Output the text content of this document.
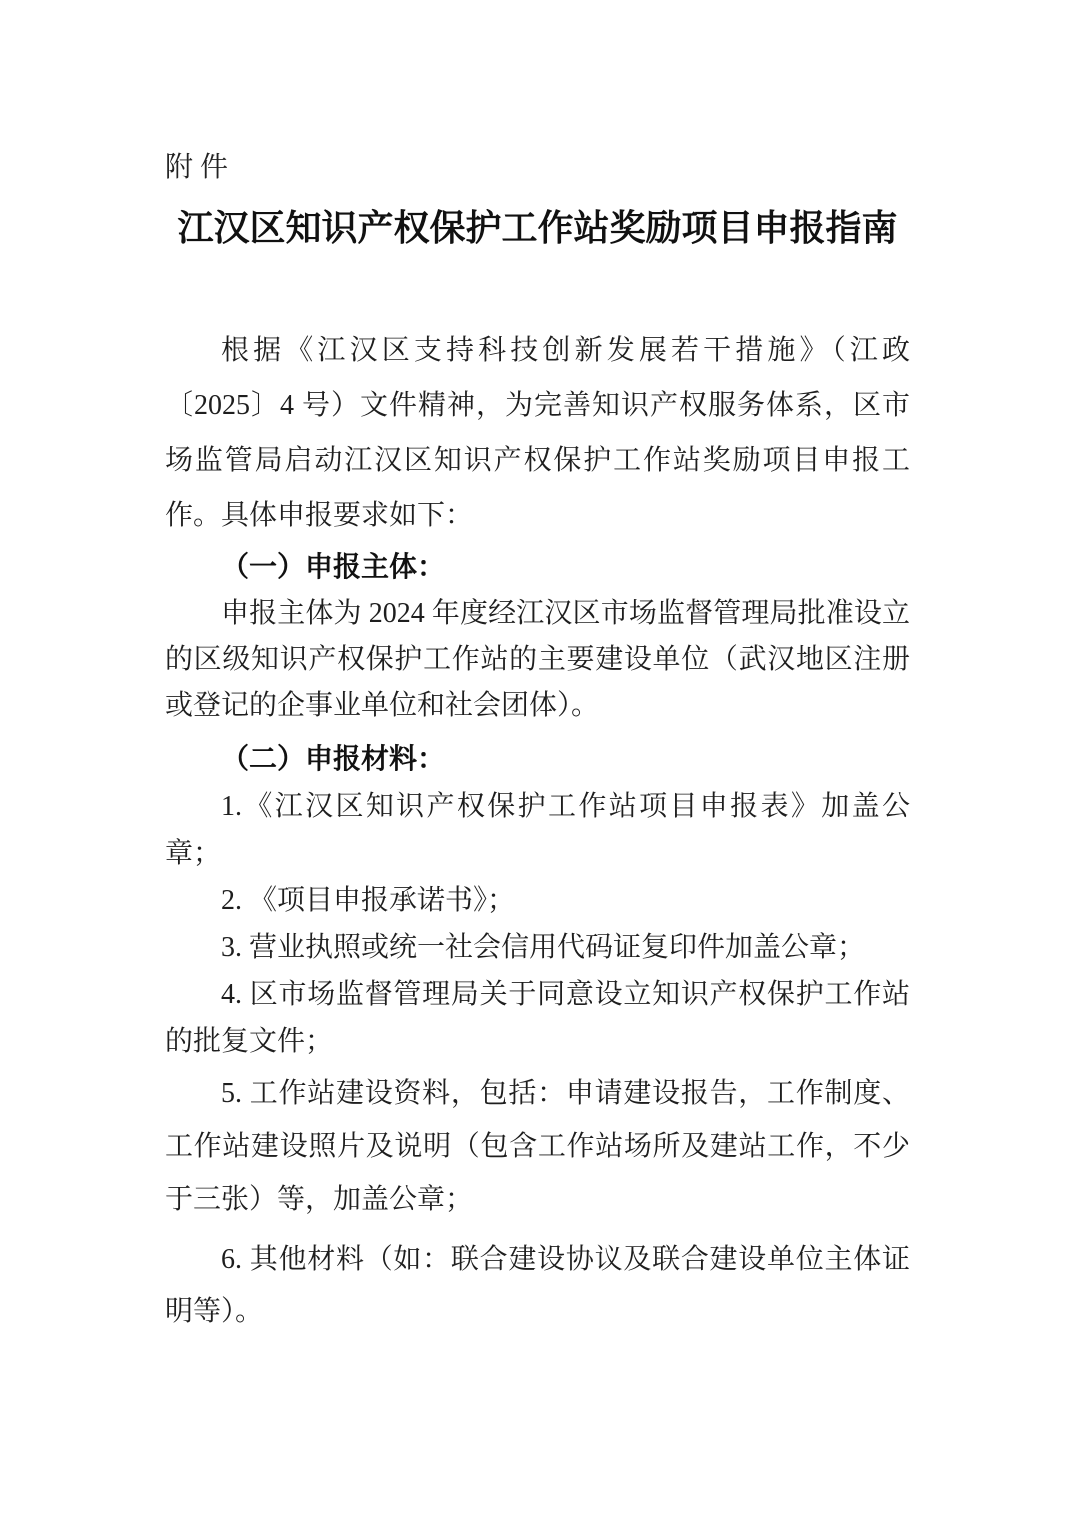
附件
江汉区知识产权保护工作站奖励项目申报指南

根据《江汉区支持科技创新发展若干措施》（江政〔2025〕4 号）文件精神，为完善知识产权服务体系，区市场监管局启动江汉区知识产权保护工作站奖励项目申报工作。具体申报要求如下：

（一）申报主体：

申报主体为 2024 年度经江汉区市场监督管理局批准设立的区级知识产权保护工作站的主要建设单位（武汉地区注册或登记的企事业单位和社会团体）。

（二）申报材料：

1.《江汉区知识产权保护工作站项目申报表》加盖公章；

2. 《项目申报承诺书》；

3. 营业执照或统一社会信用代码证复印件加盖公章；

4. 区市场监督管理局关于同意设立知识产权保护工作站的批复文件；

5. 工作站建设资料，包括：申请建设报告，工作制度、工作站建设照片及说明（包含工作站场所及建站工作，不少于三张）等，加盖公章；

6. 其他材料（如：联合建设协议及联合建设单位主体证明等）。
